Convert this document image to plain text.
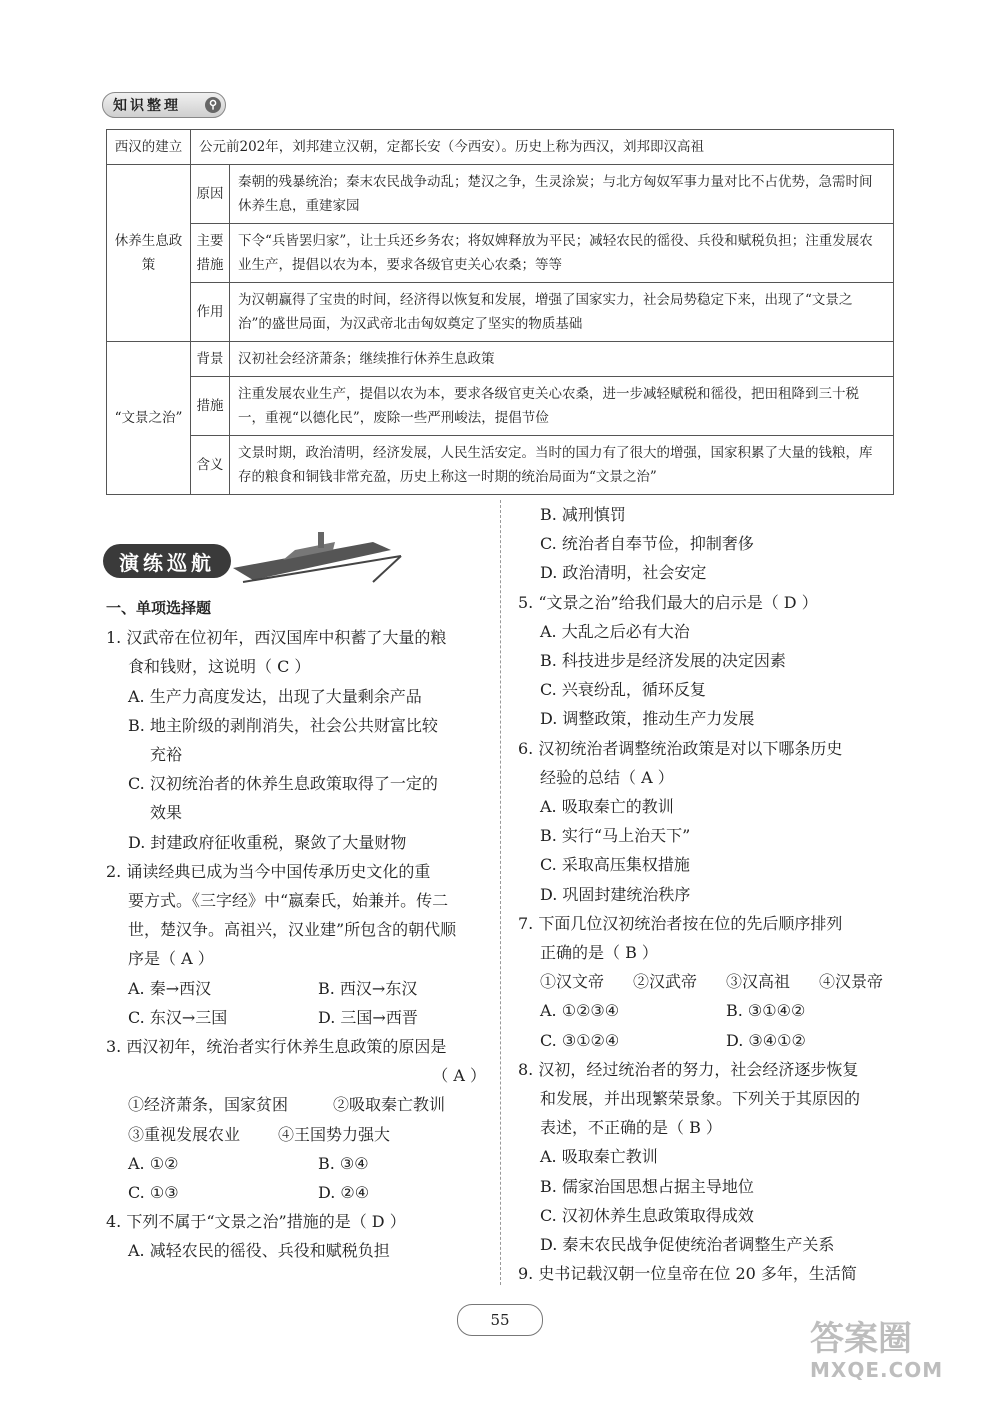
知识整理	⚲
西汉的建立	公元前202年，刘邦建立汉朝，定都长安（今西安）。历史上称为西汉，刘邦即汉高祖	
休养生息政策	原因	秦朝的残暴统治；秦末农民战争动乱；楚汉之争，生灵涂炭；与北方匈奴军事力量对比不占优势，急需时间休养生息，重建家园
	主要措施	下令“兵皆罢归家”，让士兵还乡务农；将奴婢释放为平民；减轻农民的徭役、兵役和赋税负担；注重发展农业生产，提倡以农为本，要求各级官吏关心农桑；等等
	作用	为汉朝赢得了宝贵的时间，经济得以恢复和发展，增强了国家实力，社会局势稳定下来，出现了“文景之治”的盛世局面，为汉武帝北击匈奴奠定了坚实的物质基础
“文景之治”	背景	汉初社会经济萧条；继续推行休养生息政策
	措施	注重发展农业生产，提倡以农为本，要求各级官吏关心农桑，进一步减轻赋税和徭役，把田租降到三十税一，重视“以德化民”，废除一些严刑峻法，提倡节俭
	含义	文景时期，政治清明，经济发展，人民生活安定。当时的国力有了很大的增强，国家积累了大量的钱粮，库存的粮食和铜钱非常充盈，历史上称这一时期的统治局面为“文景之治”
演练巡航

一、单项选择题

1. 汉武帝在位初年，西汉国库中积蓄了大量的粮

食和钱财，这说明（ C ）

A. 生产力高度发达，出现了大量剩余产品

B. 地主阶级的剥削消失，社会公共财富比较

充裕

C. 汉初统治者的休养生息政策取得了一定的

效果

D. 封建政府征收重税，聚敛了大量财物

2. 诵读经典已成为当今中国传承历史文化的重

要方式。《三字经》中“嬴秦氏，始兼并。传二

世，楚汉争。高祖兴，汉业建”所包含的朝代顺

序是（ A ）

A. 秦→西汉	B. 西汉→东汉
C. 东汉→三国	D. 三国→西晋

3. 西汉初年，统治者实行休养生息政策的原因是

（ A ）

①经济萧条，国家贫困	②吸取秦亡教训
③重视发展农业	④王国势力强大
A. ①②	B. ③④
C. ①③	D. ②④

4. 下列不属于“文景之治”措施的是（ D ）

A. 减轻农民的徭役、兵役和赋税负担

B. 减刑慎罚

C. 统治者自奉节俭，抑制奢侈

D. 政治清明，社会安定

5. “文景之治”给我们最大的启示是（ D ）

A. 大乱之后必有大治

B. 科技进步是经济发展的决定因素

C. 兴衰纷乱，循环反复

D. 调整政策，推动生产力发展

6. 汉初统治者调整统治政策是对以下哪条历史

经验的总结（ A ）

A. 吸取秦亡的教训

B. 实行“马上治天下”

C. 采取高压集权措施

D. 巩固封建统治秩序

7. 下面几位汉初统治者按在位的先后顺序排列

正确的是（ B ）

①汉文帝	②汉武帝	③汉高祖	④汉景帝
A. ①②③④	B. ③①④②
C. ③①②④	D. ③④①②

8. 汉初，经过统治者的努力，社会经济逐步恢复

和发展，并出现繁荣景象。下列关于其原因的

表述，不正确的是（ B ）

A. 吸取秦亡教训

B. 儒家治国思想占据主导地位

C. 汉初休养生息政策取得成效

D. 秦末农民战争促使统治者调整生产关系

9. 史书记载汉朝一位皇帝在位 20 多年，生活简

55	答案圈
MXQE.COM
